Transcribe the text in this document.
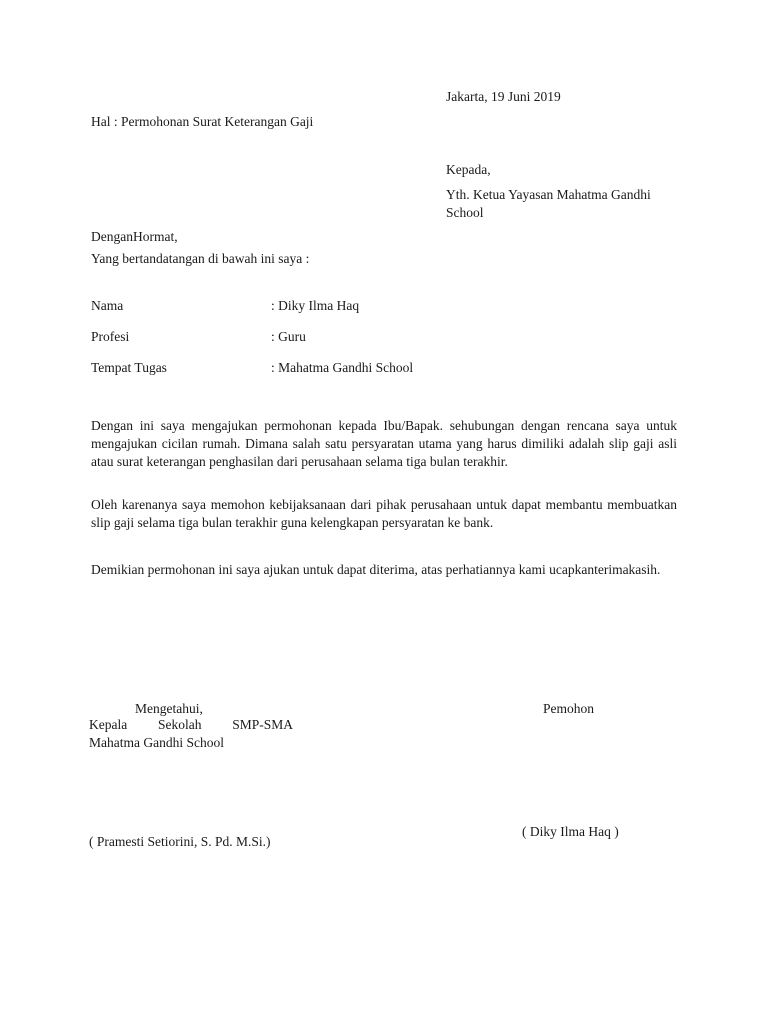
Jakarta, 19 Juni 2019
Hal : Permohonan Surat Keterangan Gaji
Kepada,
Yth. Ketua Yayasan Mahatma Gandhi School
DenganHormat,
Yang bertandatangan di bawah ini saya :
Nama	: Diky Ilma Haq
Profesi	: Guru
Tempat Tugas	: Mahatma Gandhi School
Dengan ini saya mengajukan permohonan kepada Ibu/Bapak. sehubungan dengan rencana saya untuk mengajukan cicilan rumah. Dimana salah satu persyaratan utama yang harus dimiliki adalah slip gaji asli atau surat keterangan penghasilan dari perusahaan selama tiga bulan terakhir.
Oleh karenanya saya memohon kebijaksanaan dari pihak perusahaan untuk dapat membantu membuatkan slip gaji selama tiga bulan terakhir guna kelengkapan persyaratan ke bank.
Demikian permohonan ini saya ajukan untuk dapat diterima, atas perhatiannya kami ucapkanterimakasih.
Mengetahui,
Kepala Sekolah SMP-SMA
Mahatma Gandhi School
Pemohon
( Pramesti Setiorini, S. Pd. M.Si.)
( Diky Ilma Haq )
